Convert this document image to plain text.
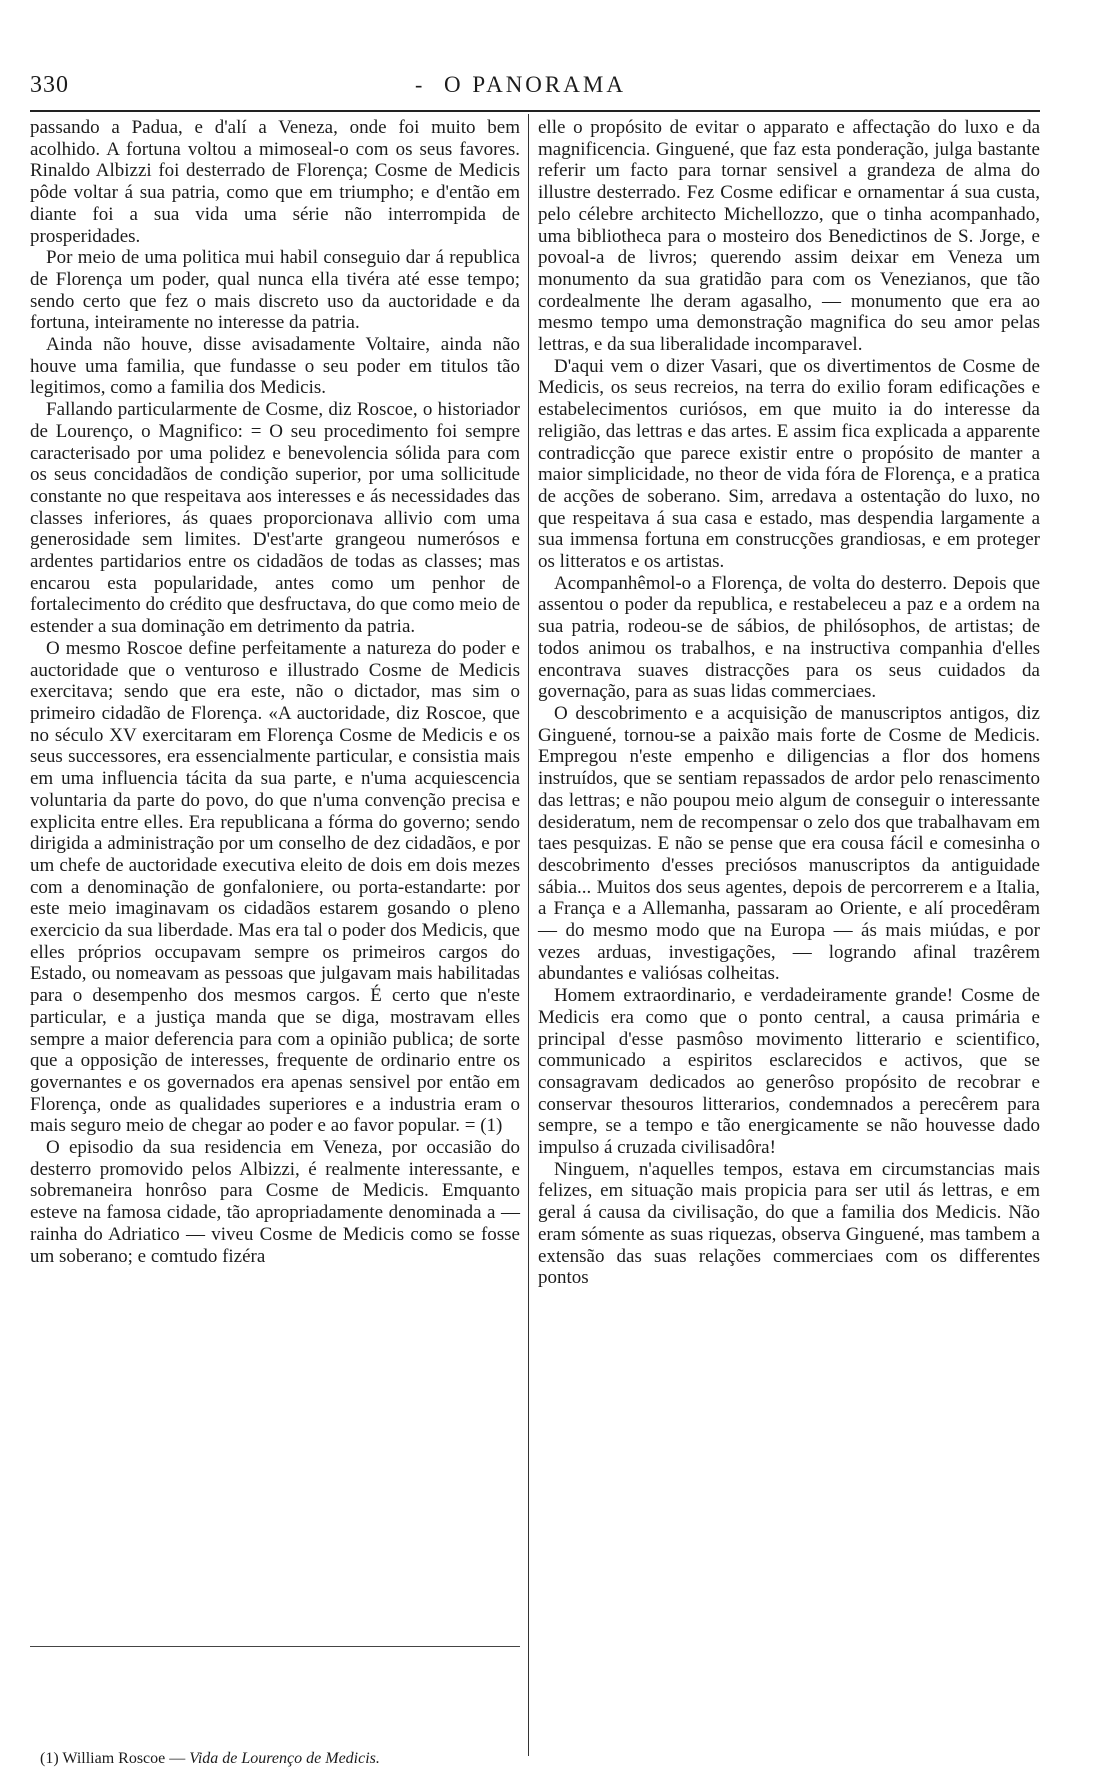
330	- O PANORAMA

passando a Padua, e d'alí a Veneza, onde foi muito bem acolhido. A fortuna voltou a mimoseal-o com os seus favores. Rinaldo Albizzi foi desterrado de Florença; Cosme de Medicis pôde voltar á sua patria, como que em triumpho; e d'então em diante foi a sua vida uma série não interrompida de prosperidades.

Por meio de uma politica mui habil conseguio dar á republica de Florença um poder, qual nunca ella tivéra até esse tempo; sendo certo que fez o mais discreto uso da auctoridade e da fortuna, inteiramente no interesse da patria.

Ainda não houve, disse avisadamente Voltaire, ainda não houve uma familia, que fundasse o seu poder em titulos tão legitimos, como a familia dos Medicis.

Fallando particularmente de Cosme, diz Roscoe, o historiador de Lourenço, o Magnifico: = O seu procedimento foi sempre caracterisado por uma polidez e benevolencia sólida para com os seus concidadãos de condição superior, por uma sollicitude constante no que respeitava aos interesses e ás necessidades das classes inferiores, ás quaes proporcionava allivio com uma generosidade sem limites. D'est'arte grangeou numerósos e ardentes partidarios entre os cidadãos de todas as classes; mas encarou esta popularidade, antes como um penhor de fortalecimento do crédito que desfructava, do que como meio de estender a sua dominação em detrimento da patria.

O mesmo Roscoe define perfeitamente a natureza do poder e auctoridade que o venturoso e illustrado Cosme de Medicis exercitava; sendo que era este, não o dictador, mas sim o primeiro cidadão de Florença. «A auctoridade, diz Roscoe, que no século XV exercitaram em Florença Cosme de Medicis e os seus successores, era essencialmente particular, e consistia mais em uma influencia tácita da sua parte, e n'uma acquiescencia voluntaria da parte do povo, do que n'uma convenção precisa e explicita entre elles. Era republicana a fórma do governo; sendo dirigida a administração por um conselho de dez cidadãos, e por um chefe de auctoridade executiva eleito de dois em dois mezes com a denominação de gonfaloniere, ou porta-estandarte: por este meio imaginavam os cidadãos estarem gosando o pleno exercicio da sua liberdade. Mas era tal o poder dos Medicis, que elles próprios occupavam sempre os primeiros cargos do Estado, ou nomeavam as pessoas que julgavam mais habilitadas para o desempenho dos mesmos cargos. É certo que n'este particular, e a justiça manda que se diga, mostravam elles sempre a maior deferencia para com a opinião publica; de sorte que a opposição de interesses, frequente de ordinario entre os governantes e os governados era apenas sensivel por então em Florença, onde as qualidades superiores e a industria eram o mais seguro meio de chegar ao poder e ao favor popular. = (1)

O episodio da sua residencia em Veneza, por occasião do desterro promovido pelos Albizzi, é realmente interessante, e sobremaneira honrôso para Cosme de Medicis. Emquanto esteve na famosa cidade, tão apropriadamente denominada a — rainha do Adriatico — viveu Cosme de Medicis como se fosse um soberano; e comtudo fizéra

elle o propósito de evitar o apparato e affectação do luxo e da magnificencia. Ginguené, que faz esta ponderação, julga bastante referir um facto para tornar sensivel a grandeza de alma do illustre desterrado. Fez Cosme edificar e ornamentar á sua custa, pelo célebre architecto Michellozzo, que o tinha acompanhado, uma bibliotheca para o mosteiro dos Benedictinos de S. Jorge, e povoal-a de livros; querendo assim deixar em Veneza um monumento da sua gratidão para com os Venezianos, que tão cordealmente lhe deram agasalho, — monumento que era ao mesmo tempo uma demonstração magnifica do seu amor pelas lettras, e da sua liberalidade incomparavel.

D'aqui vem o dizer Vasari, que os divertimentos de Cosme de Medicis, os seus recreios, na terra do exilio foram edificações e estabelecimentos curiósos, em que muito ia do interesse da religião, das lettras e das artes. E assim fica explicada a apparente contradicção que parece existir entre o propósito de manter a maior simplicidade, no theor de vida fóra de Florença, e a pratica de acções de soberano. Sim, arredava a ostentação do luxo, no que respeitava á sua casa e estado, mas despendia largamente a sua immensa fortuna em construcções grandiosas, e em proteger os litteratos e os artistas.

Acompanhêmol-o a Florença, de volta do desterro. Depois que assentou o poder da republica, e restabeleceu a paz e a ordem na sua patria, rodeou-se de sábios, de philósophos, de artistas; de todos animou os trabalhos, e na instructiva companhia d'elles encontrava suaves distracções para os seus cuidados da governação, para as suas lidas commerciaes.

O descobrimento e a acquisição de manuscriptos antigos, diz Ginguené, tornou-se a paixão mais forte de Cosme de Medicis. Empregou n'este empenho e diligencias a flor dos homens instruídos, que se sentiam repassados de ardor pelo renascimento das lettras; e não poupou meio algum de conseguir o interessante desideratum, nem de recompensar o zelo dos que trabalhavam em taes pesquizas. E não se pense que era cousa fácil e comesinha o descobrimento d'esses preciósos manuscriptos da antiguidade sábia... Muitos dos seus agentes, depois de percorrerem e a Italia, a França e a Allemanha, passaram ao Oriente, e alí procedêram — do mesmo modo que na Europa — ás mais miúdas, e por vezes arduas, investigações, — logrando afinal trazêrem abundantes e valiósas colheitas.

Homem extraordinario, e verdadeiramente grande! Cosme de Medicis era como que o ponto central, a causa primária e principal d'esse pasmôso movimento litterario e scientifico, communicado a espiritos esclarecidos e activos, que se consagravam dedicados ao generôso propósito de recobrar e conservar thesouros litterarios, condemnados a perecêrem para sempre, se a tempo e tão energicamente se não houvesse dado impulso á cruzada civilisadôra!

Ninguem, n'aquelles tempos, estava em circumstancias mais felizes, em situação mais propicia para ser util ás lettras, e em geral á causa da civilisação, do que a familia dos Medicis. Não eram sómente as suas riquezas, observa Ginguené, mas tambem a extensão das suas relações commerciaes com os differentes pontos

(1) William Roscoe — Vida de Lourenço de Medicis.
